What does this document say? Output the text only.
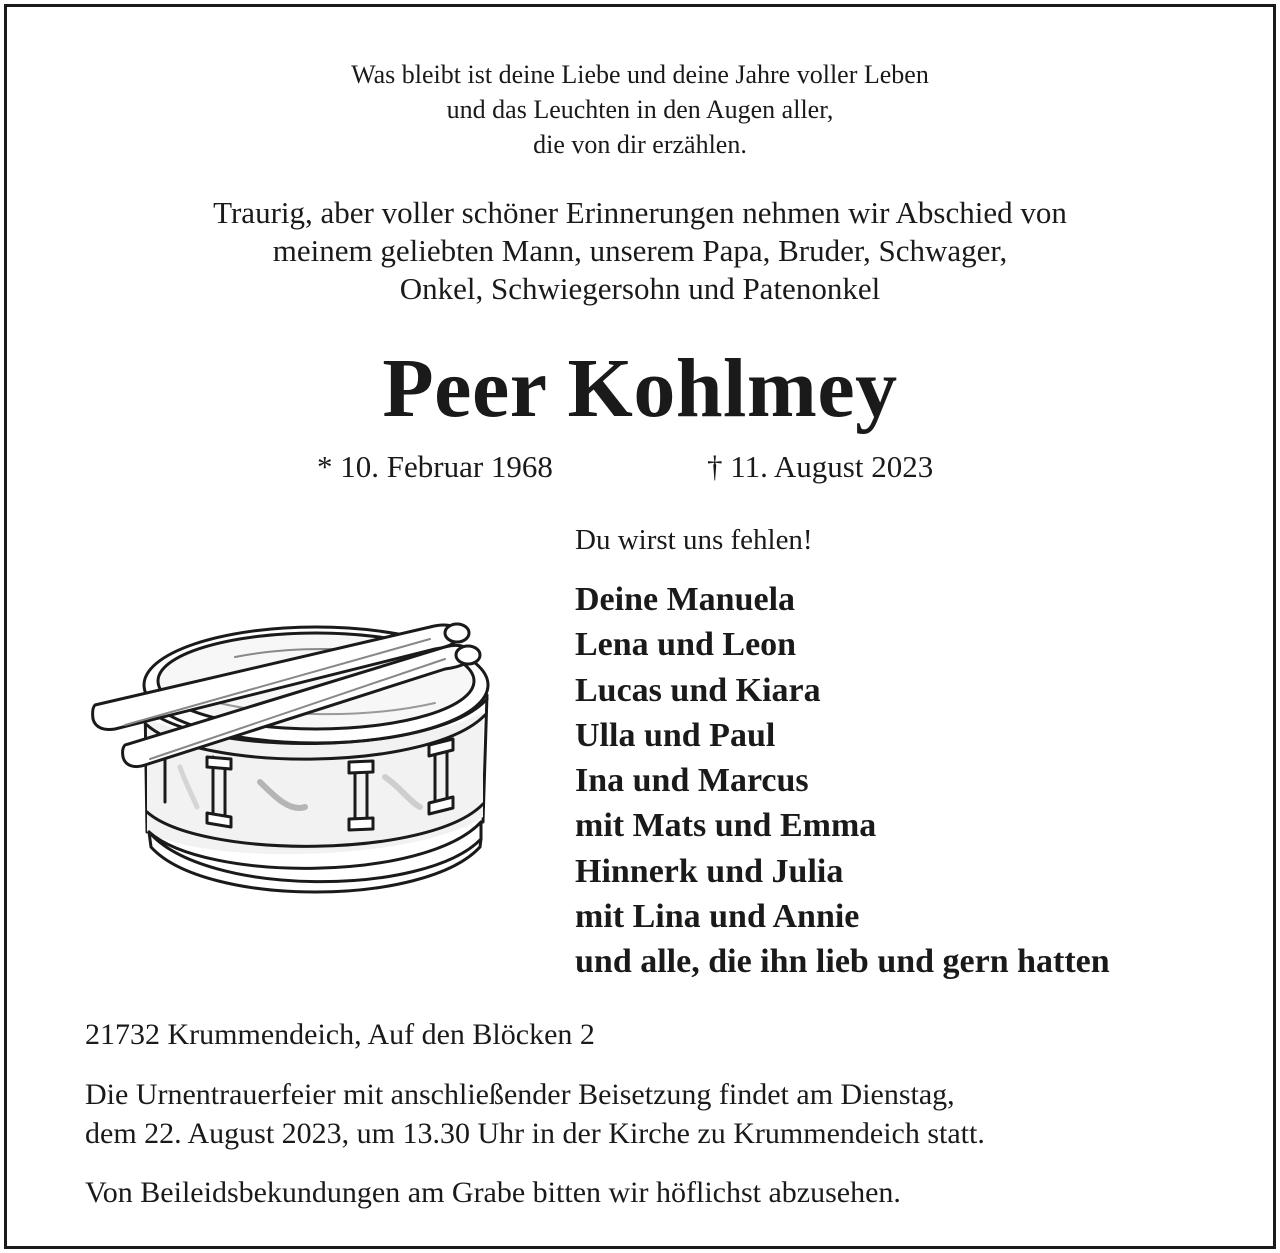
Was bleibt ist deine Liebe und deine Jahre voller Leben
und das Leuchten in den Augen aller,
die von dir erzählen.
Traurig, aber voller schöner Erinnerungen nehmen wir Abschied von
meinem geliebten Mann, unserem Papa, Bruder, Schwager,
Onkel, Schwiegersohn und Patenonkel
Peer Kohlmey
* 10. Februar 1968	† 11. August 2023
Du wirst uns fehlen!
Deine Manuela
Lena und Leon
Lucas und Kiara
Ulla und Paul
Ina und Marcus
mit Mats und Emma
Hinnerk und Julia
mit Lina und Annie
und alle, die ihn lieb und gern hatten
21732 Krummendeich, Auf den Blöcken 2
Die Urnentrauerfeier mit anschließender Beisetzung findet am Dienstag,
dem 22. August 2023, um 13.30 Uhr in der Kirche zu Krummendeich statt.
Von Beileidsbekundungen am Grabe bitten wir höflichst abzusehen.
